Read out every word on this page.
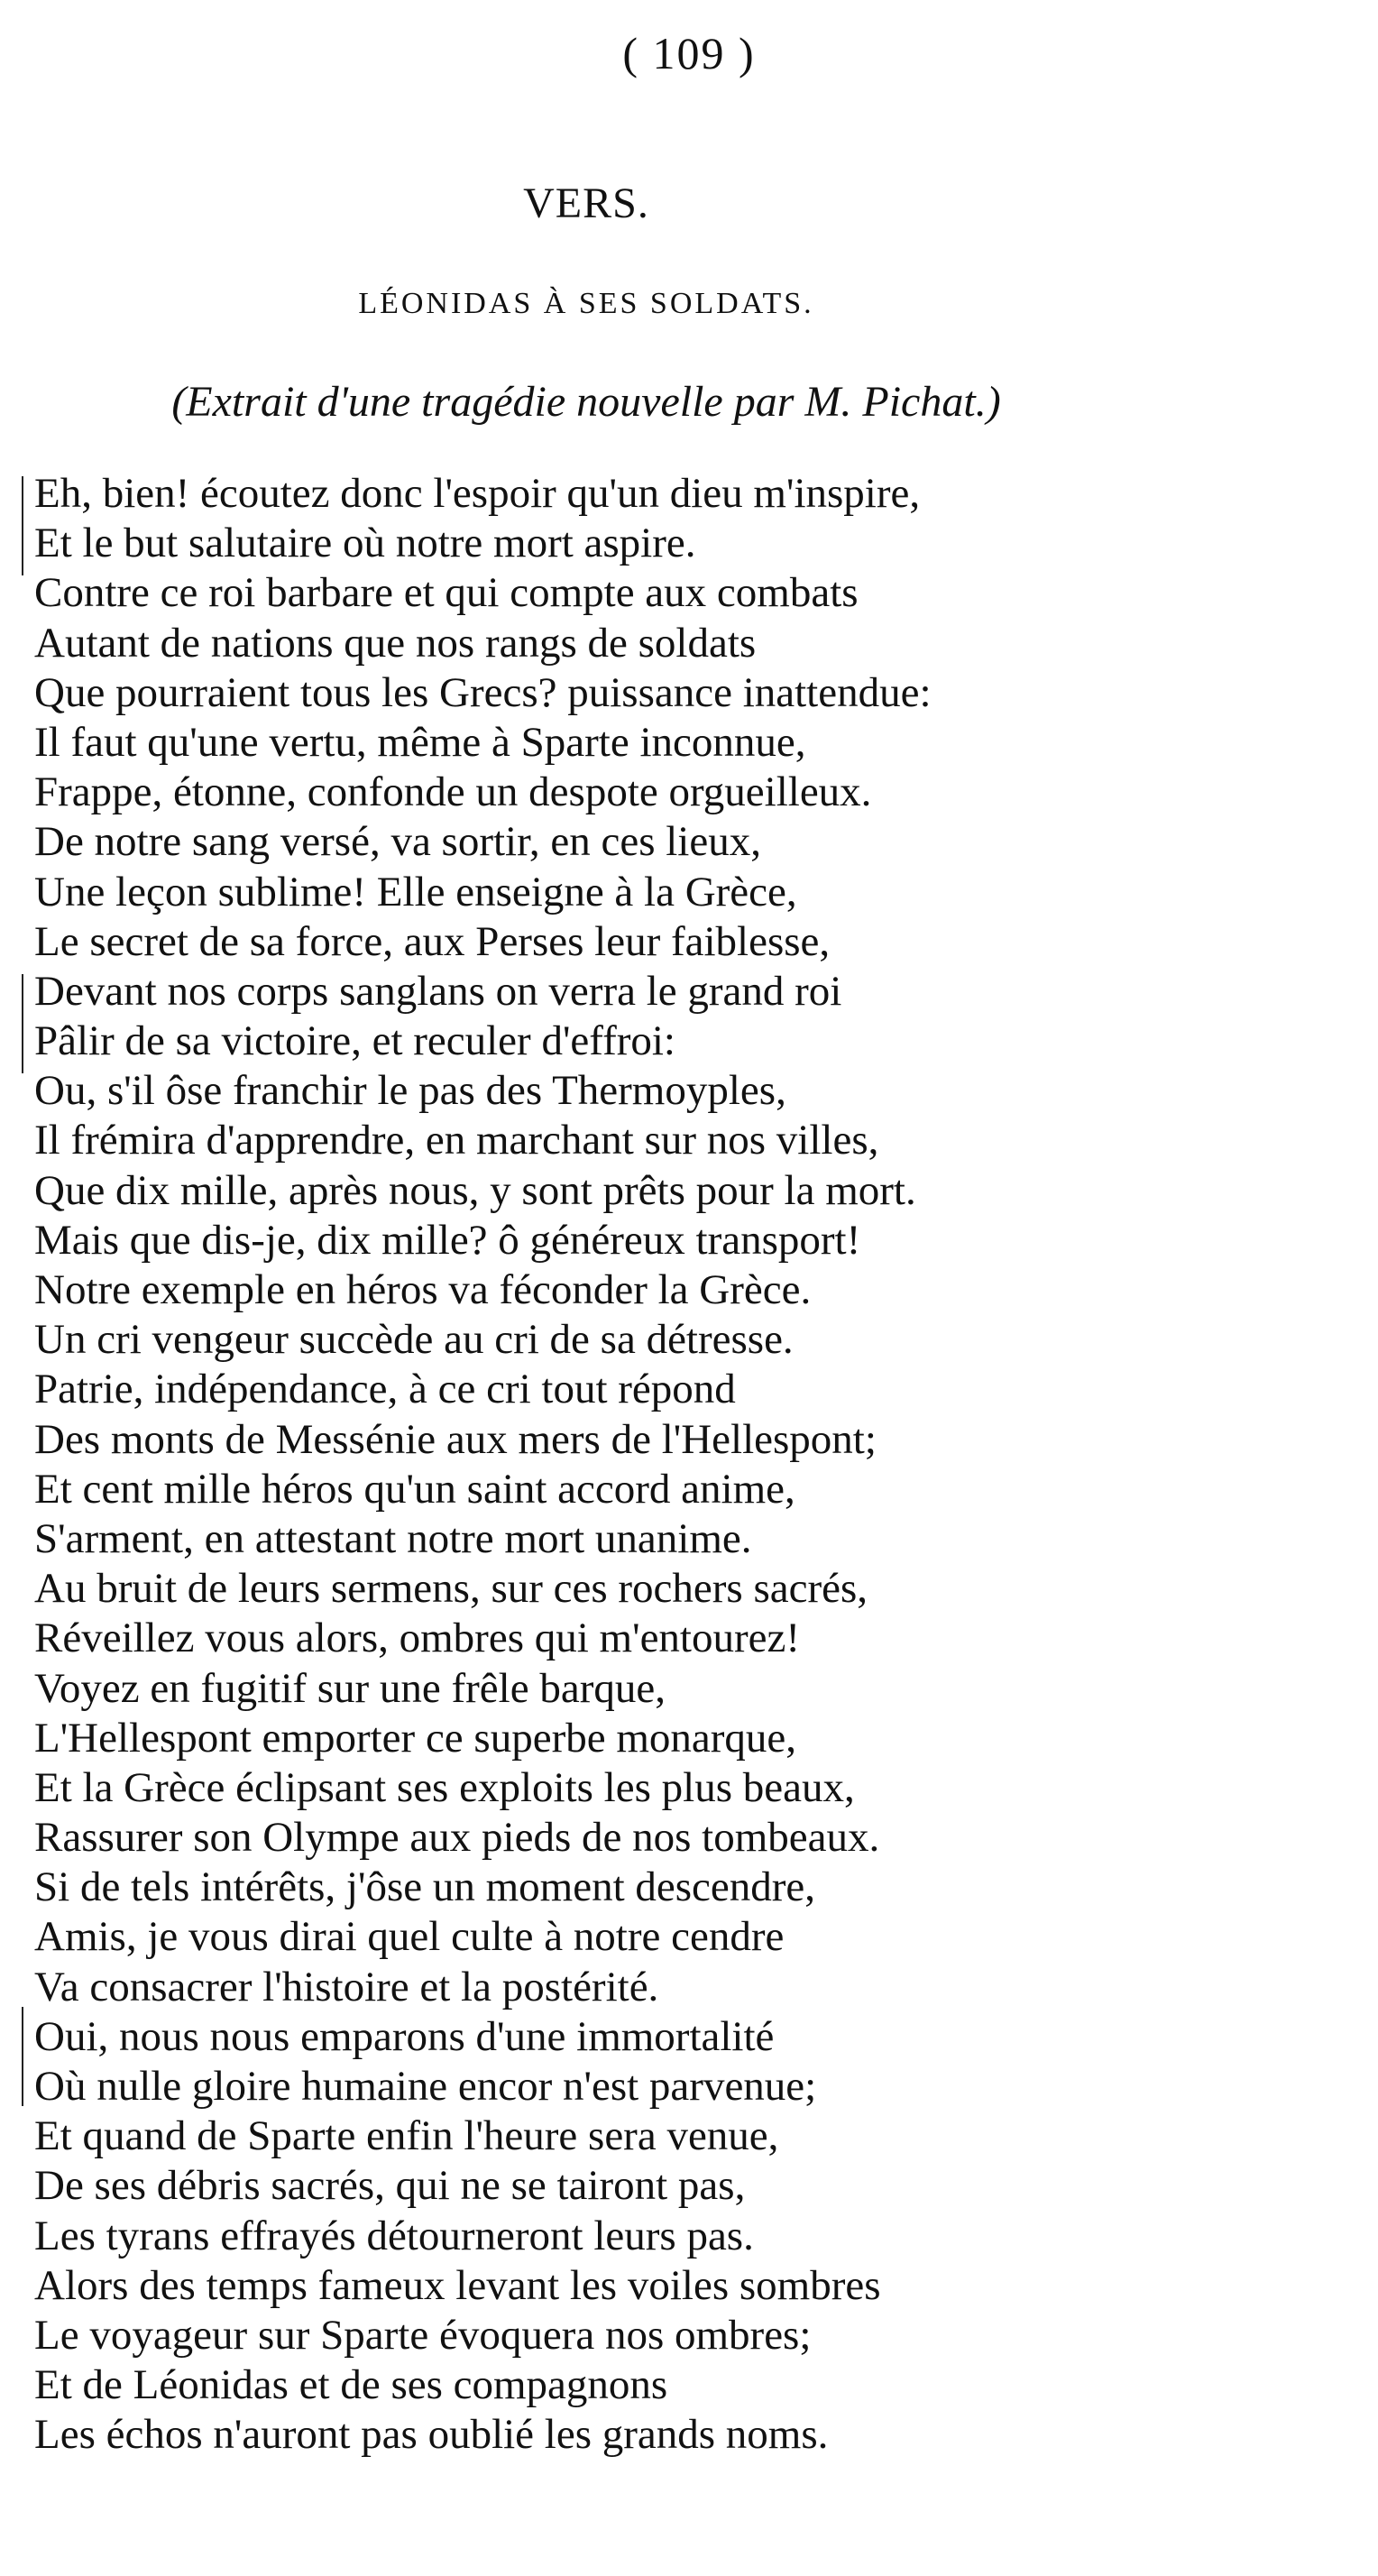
( 109 )
VERS.
LÉONIDAS À SES SOLDATS.
(Extrait d'une tragédie nouvelle par M. Pichat.)
Eh, bien! écoutez donc l'espoir qu'un dieu m'inspire,
Et le but salutaire où notre mort aspire.
Contre ce roi barbare et qui compte aux combats
Autant de nations que nos rangs de soldats
Que pourraient tous les Grecs? puissance inattendue:
Il faut qu'une vertu, même à Sparte inconnue,
Frappe, étonne, confonde un despote orgueilleux.
De notre sang versé, va sortir, en ces lieux,
Une leçon sublime! Elle enseigne à la Grèce,
Le secret de sa force, aux Perses leur faiblesse,
Devant nos corps sanglans on verra le grand roi
Pâlir de sa victoire, et reculer d'effroi:
Ou, s'il ôse franchir le pas des Thermoyples,
Il frémira d'apprendre, en marchant sur nos villes,
Que dix mille, après nous, y sont prêts pour la mort.
Mais que dis-je, dix mille? ô généreux transport!
Notre exemple en héros va féconder la Grèce.
Un cri vengeur succède au cri de sa détresse.
Patrie, indépendance, à ce cri tout répond
Des monts de Messénie aux mers de l'Hellespont;
Et cent mille héros qu'un saint accord anime,
S'arment, en attestant notre mort unanime.
Au bruit de leurs sermens, sur ces rochers sacrés,
Réveillez vous alors, ombres qui m'entourez!
Voyez en fugitif sur une frêle barque,
L'Hellespont emporter ce superbe monarque,
Et la Grèce éclipsant ses exploits les plus beaux,
Rassurer son Olympe aux pieds de nos tombeaux.
Si de tels intérêts, j'ôse un moment descendre,
Amis, je vous dirai quel culte à notre cendre
Va consacrer l'histoire et la postérité.
Oui, nous nous emparons d'une immortalité
Où nulle gloire humaine encor n'est parvenue;
Et quand de Sparte enfin l'heure sera venue,
De ses débris sacrés, qui ne se tairont pas,
Les tyrans effrayés détourneront leurs pas.
Alors des temps fameux levant les voiles sombres
Le voyageur sur Sparte évoquera nos ombres;
Et de Léonidas et de ses compagnons
Les échos n'auront pas oublié les grands noms.
